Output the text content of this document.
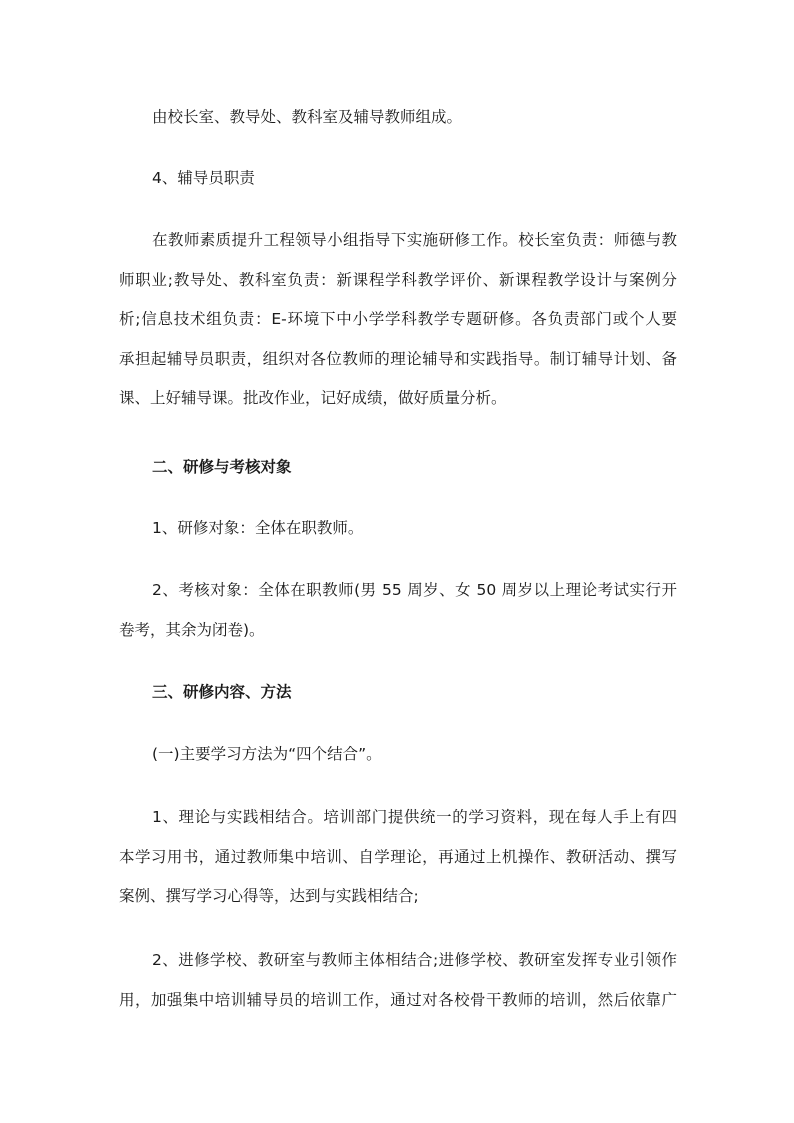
由校长室、教导处、教科室及辅导教师组成。
4、辅导员职责
在教师素质提升工程领导小组指导下实施研修工作。校长室负责：师德与教
师职业;教导处、教科室负责：新课程学科教学评价、新课程教学设计与案例分
析;信息技术组负责：E-环境下中小学学科教学专题研修。各负责部门或个人要
承担起辅导员职责，组织对各位教师的理论辅导和实践指导。制订辅导计划、备
课、上好辅导课。批改作业，记好成绩，做好质量分析。
二、研修与考核对象
1、研修对象：全体在职教师。
2、考核对象：全体在职教师(男 55 周岁、女 50 周岁以上理论考试实行开
卷考，其余为闭卷)。
三、研修内容、方法
(一)主要学习方法为“四个结合”。
1、理论与实践相结合。培训部门提供统一的学习资料，现在每人手上有四
本学习用书，通过教师集中培训、自学理论，再通过上机操作、教研活动、撰写
案例、撰写学习心得等，达到与实践相结合;
2、进修学校、教研室与教师主体相结合;进修学校、教研室发挥专业引领作
用，加强集中培训辅导员的培训工作，通过对各校骨干教师的培训，然后依靠广
